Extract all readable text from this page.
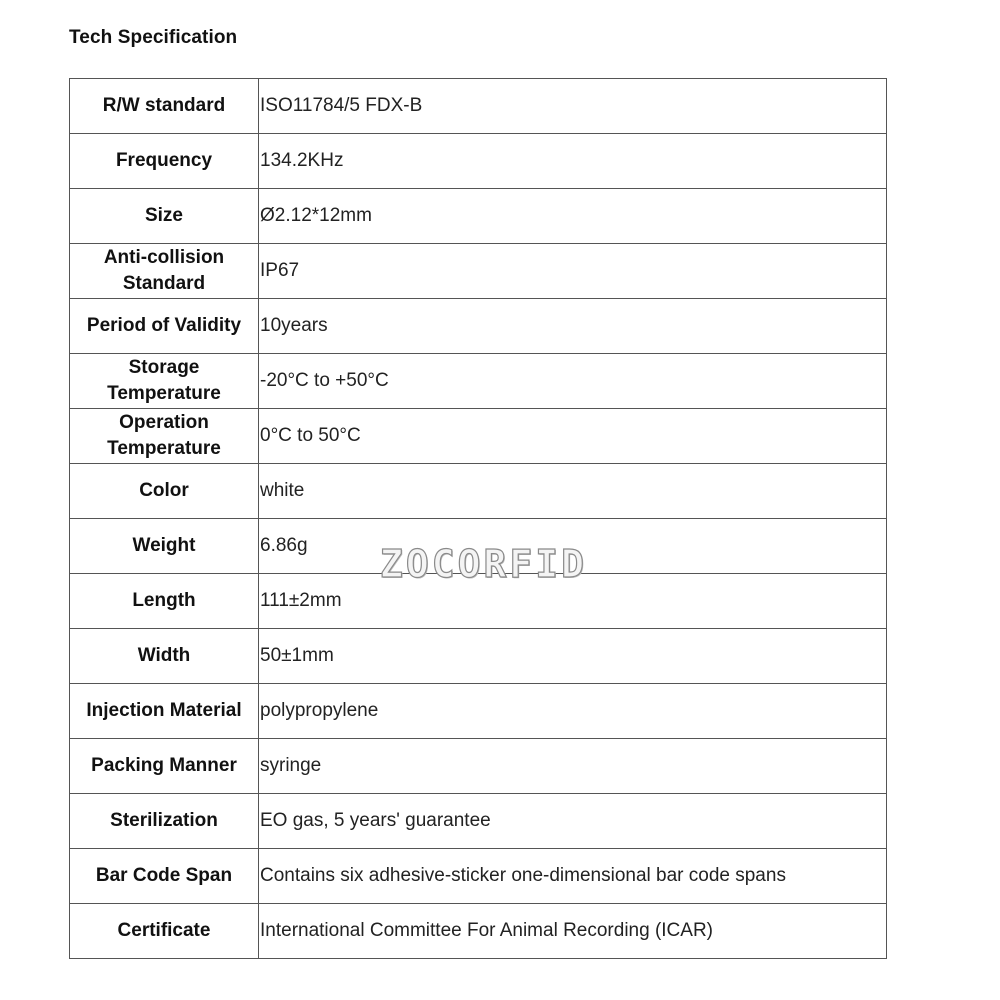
Tech Specification
R/W standard	ISO11784/5 FDX-B
Frequency	134.2KHz
Size	Ø2.12*12mm
Anti-collision Standard	IP67
Period of Validity	10years
Storage Temperature	-20°C to +50°C
Operation Temperature	0°C to 50°C
Color	white
Weight	6.86g
Length	111±2mm
Width	50±1mm
Injection Material	polypropylene
Packing Manner	syringe
Sterilization	EO gas, 5 years' guarantee
Bar Code Span	Contains six adhesive-sticker one-dimensional bar code spans
Certificate	International Committee For Animal Recording (ICAR)
ZOCORFID
